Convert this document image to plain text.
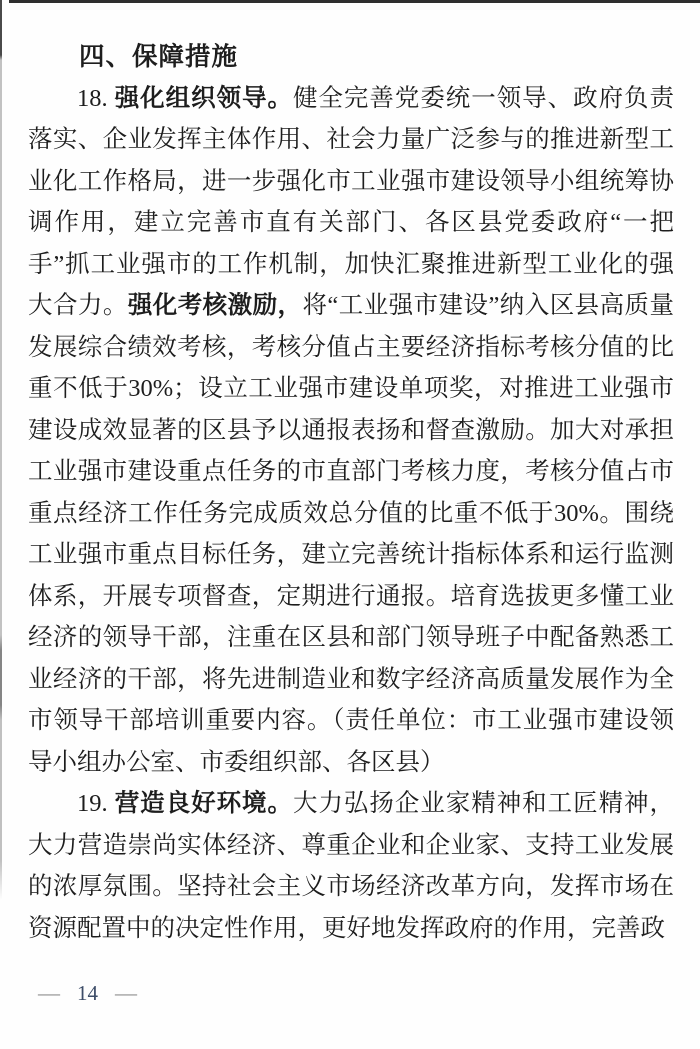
四、保障措施

18. 强化组织领导。健全完善党委统一领导、政府负责落实、企业发挥主体作用、社会力量广泛参与的推进新型工业化工作格局，进一步强化市工业强市建设领导小组统筹协调作用，建立完善市直有关部门、各区县党委政府“一把手”抓工业强市的工作机制，加快汇聚推进新型工业化的强大合力。强化考核激励，将“工业强市建设”纳入区县高质量发展综合绩效考核，考核分值占主要经济指标考核分值的比重不低于30%；设立工业强市建设单项奖，对推进工业强市建设成效显著的区县予以通报表扬和督查激励。加大对承担工业强市建设重点任务的市直部门考核力度，考核分值占市重点经济工作任务完成质效总分值的比重不低于30%。围绕工业强市重点目标任务，建立完善统计指标体系和运行监测体系，开展专项督查，定期进行通报。培育选拔更多懂工业经济的领导干部，注重在区县和部门领导班子中配备熟悉工业经济的干部，将先进制造业和数字经济高质量发展作为全市领导干部培训重要内容。（责任单位：市工业强市建设领导小组办公室、市委组织部、各区县）

19. 营造良好环境。大力弘扬企业家精神和工匠精神，大力营造崇尚实体经济、尊重企业和企业家、支持工业发展的浓厚氛围。坚持社会主义市场经济改革方向，发挥市场在资源配置中的决定性作用，更好地发挥政府的作用，完善政

— 14 —
